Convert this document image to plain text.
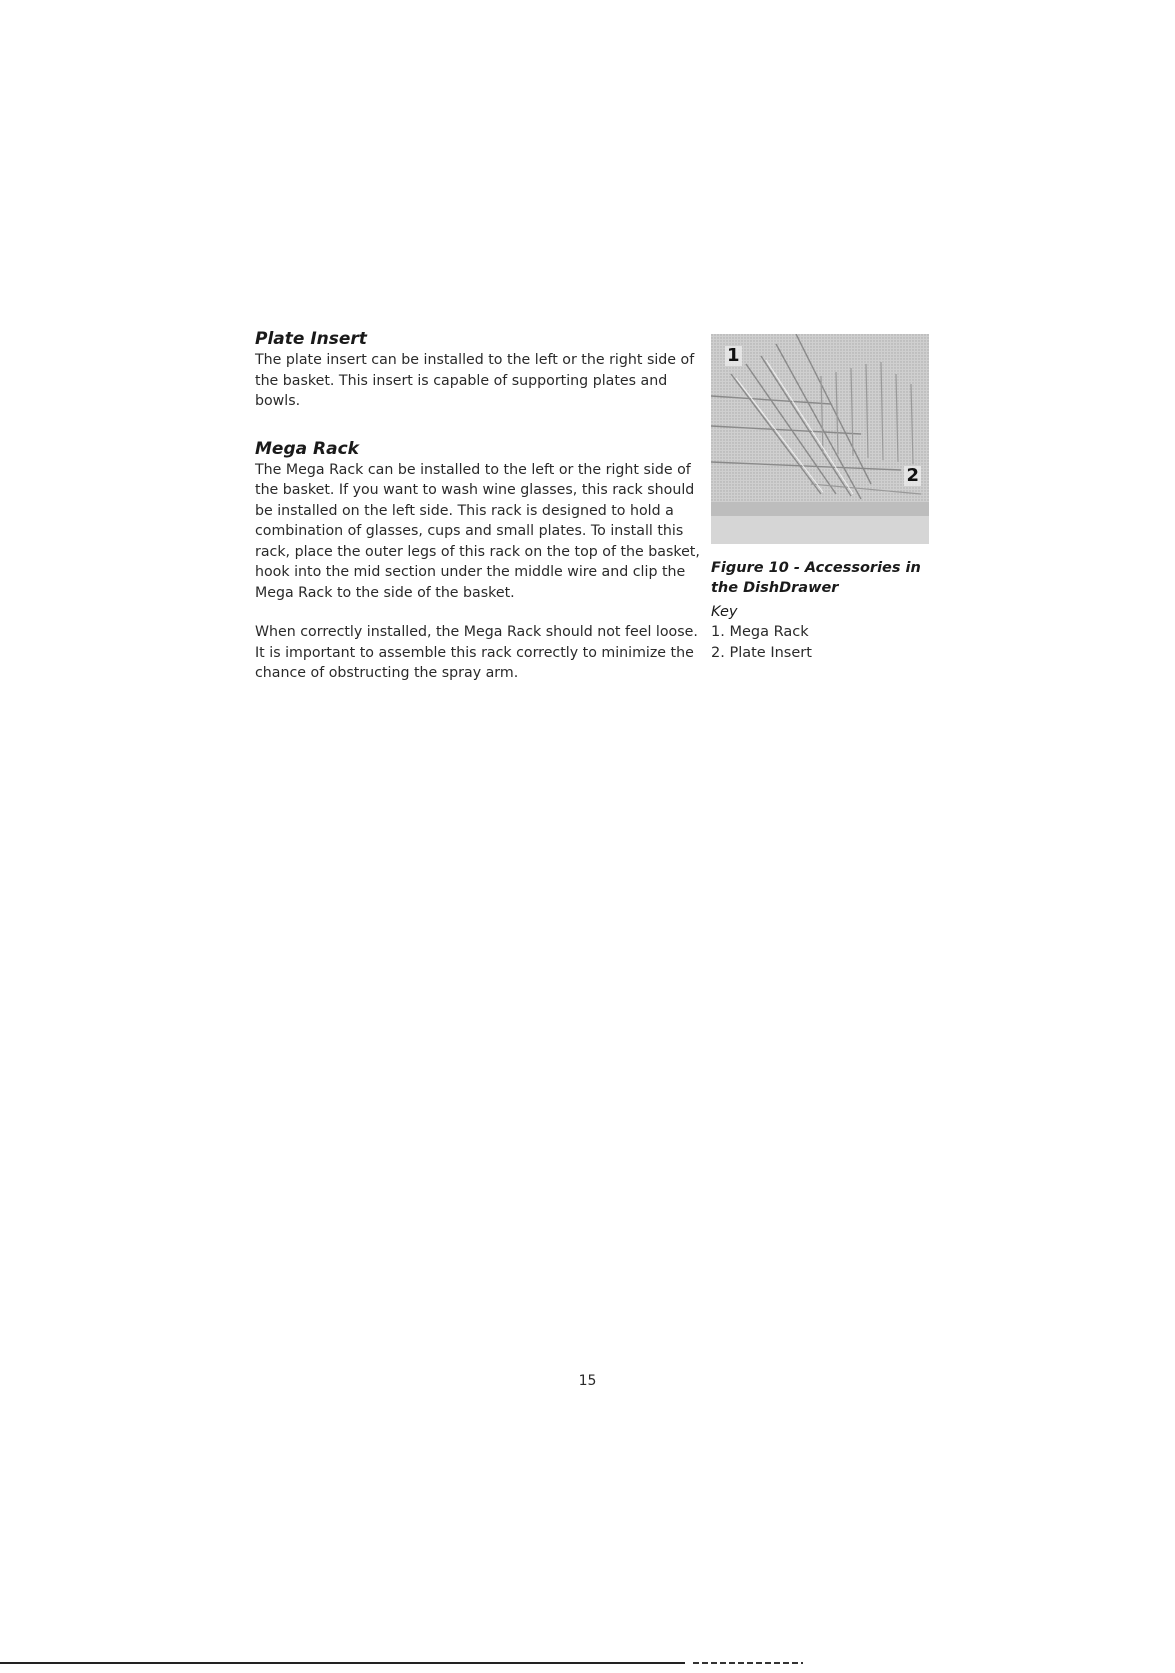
Plate Insert

The plate insert can be installed to the left or the right side of the basket. This insert is capable of supporting plates and bowls.

Mega Rack

The Mega Rack can be installed to the left or the right side of the basket. If you want to wash wine glasses, this rack should be installed on the left side. This rack is designed to hold a combination of glasses, cups and small plates. To install this rack, place the outer legs of this rack on the top of the basket, hook into the mid section under the middle wire and clip the Mega Rack to the side of the basket.

When correctly installed, the Mega Rack should not feel loose. It is important to assemble this rack correctly to minimize the chance of obstructing the spray arm.

1
2

Figure 10 - Accessories in the DishDrawer

Key

1. Mega Rack
2. Plate Insert
15
